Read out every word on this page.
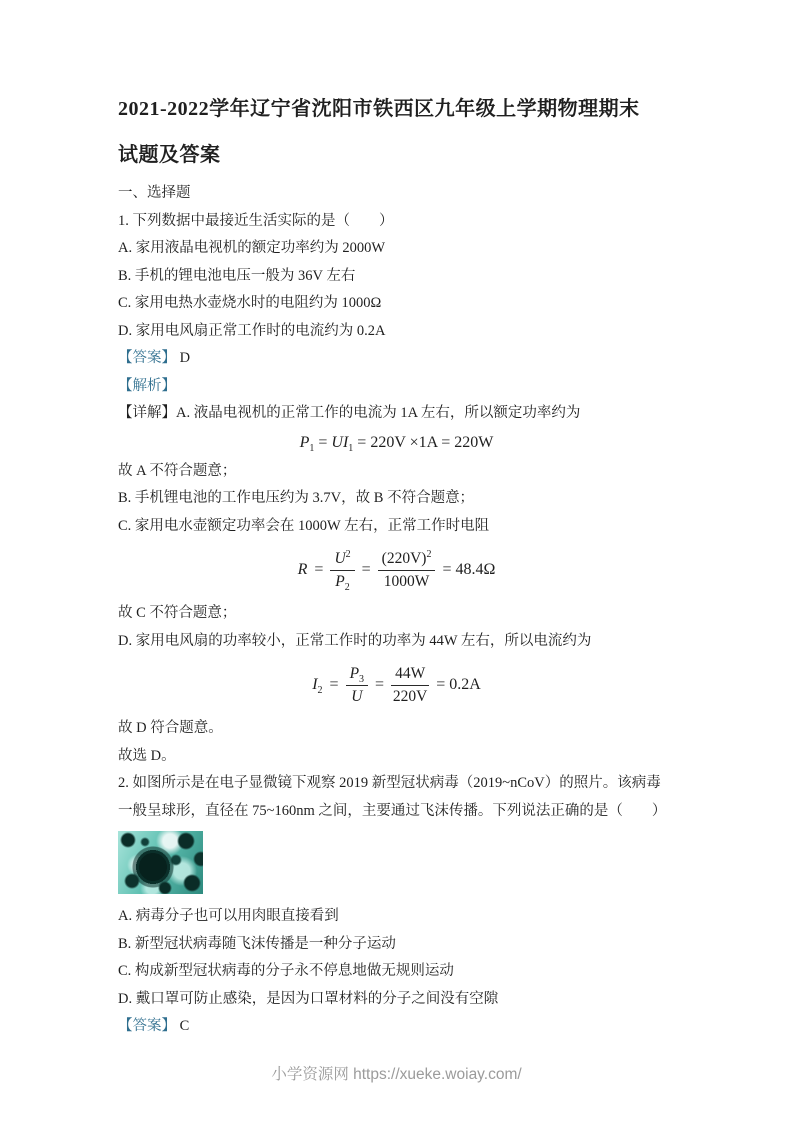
2021-2022学年辽宁省沈阳市铁西区九年级上学期物理期末
试题及答案

一、选择题

1. 下列数据中最接近生活实际的是（　　）

A. 家用液晶电视机的额定功率约为 2000W

B. 手机的锂电池电压一般为 36V 左右

C. 家用电热水壶烧水时的电阻约为 1000Ω

D. 家用电风扇正常工作时的电流约为 0.2A

【答案】 D

【解析】

【详解】A. 液晶电视机的正常工作的电流为 1A 左右，所以额定功率约为

$P_1 = UI_1 = 220V \times 1A = 220W$

故 A 不符合题意；

B. 手机锂电池的工作电压约为 3.7V，故 B 不符合题意；

C. 家用电水壶额定功率会在 1000W 左右，正常工作时电阻

$R = \frac{U^2}{P_2} = \frac{(220V)^2}{1000W} = 48.4\Omega$

故 C 不符合题意；

D. 家用电风扇的功率较小，正常工作时的功率为 44W 左右，所以电流约为

$I_2 = \frac{P_3}{U} = \frac{44W}{220V} = 0.2A$

故 D 符合题意。

故选 D。

2. 如图所示是在电子显微镜下观察 2019 新型冠状病毒（2019~nCoV）的照片。该病毒一般呈球形，直径在 75~160nm 之间，主要通过飞沫传播。下列说法正确的是（　　）

A. 病毒分子也可以用肉眼直接看到

B. 新型冠状病毒随飞沫传播是一种分子运动

C. 构成新型冠状病毒的分子永不停息地做无规则运动

D. 戴口罩可防止感染，是因为口罩材料的分子之间没有空隙

【答案】 C

小学资源网 https://xueke.woiay.com/
